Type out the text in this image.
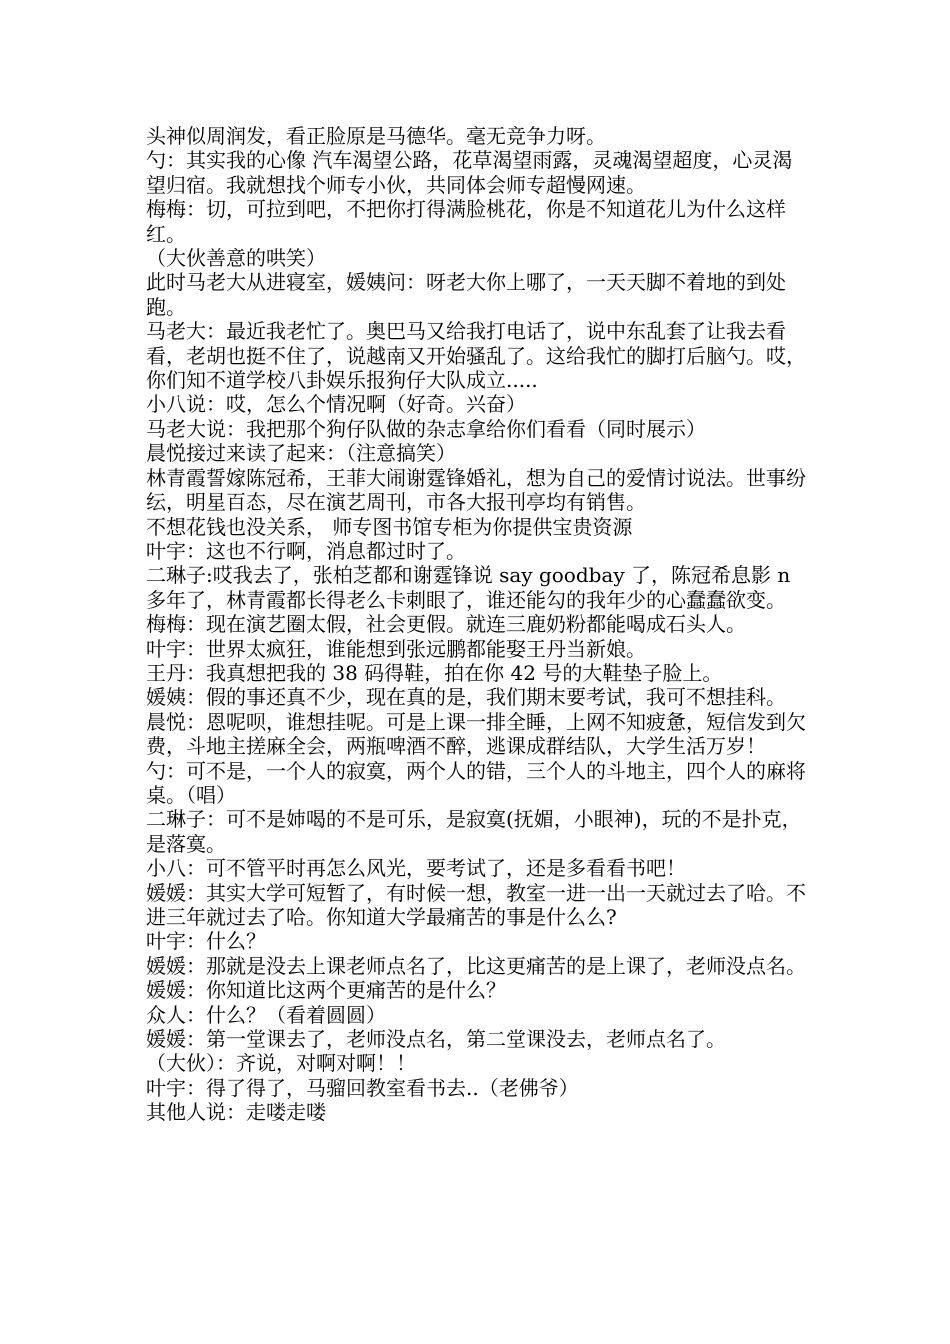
头神似周润发，看正脸原是马德华。毫无竞争力呀。

勺：其实我的心像 汽车渴望公路，花草渴望雨露，灵魂渴望超度，心灵渴望归宿。我就想找个师专小伙，共同体会师专超慢网速。

梅梅：切，可拉到吧，不把你打得满脸桃花，你是不知道花儿为什么这样红。

（大伙善意的哄笑）

此时马老大从进寝室，媛姨问：呀老大你上哪了，一天天脚不着地的到处跑。

马老大：最近我老忙了。奥巴马又给我打电话了，说中东乱套了让我去看看，老胡也挺不住了，说越南又开始骚乱了。这给我忙的脚打后脑勺。哎，你们知不道学校八卦娱乐报狗仔大队成立.....

小八说：哎，怎么个情况啊（好奇。兴奋）

马老大说：我把那个狗仔队做的杂志拿给你们看看（同时展示）

晨悦接过来读了起来：（注意搞笑）

林青霞誓嫁陈冠希，王菲大闹谢霆锋婚礼，想为自己的爱情讨说法。世事纷纭，明星百态，尽在演艺周刊，市各大报刊亭均有销售。

不想花钱也没关系， 师专图书馆专柜为你提供宝贵资源

叶宇：这也不行啊，消息都过时了。

二琳子:哎我去了，张柏芝都和谢霆锋说 say goodbay 了，陈冠希息影 n 多年了，林青霞都长得老么卡刺眼了，谁还能勾的我年少的心蠢蠢欲变。

梅梅：现在演艺圈太假，社会更假。就连三鹿奶粉都能喝成石头人。

叶宇：世界太疯狂，谁能想到张远鹏都能娶王丹当新娘。

王丹：我真想把我的 38 码得鞋，拍在你 42 号的大鞋垫子脸上。

媛姨：假的事还真不少，现在真的是，我们期末要考试，我可不想挂科。

晨悦：恩呢呗，谁想挂呢。可是上课一排全睡，上网不知疲惫，短信发到欠费，斗地主搓麻全会，两瓶啤酒不醉，逃课成群结队，大学生活万岁！

勺：可不是，一个人的寂寞，两个人的错，三个人的斗地主，四个人的麻将桌。（唱）

二琳子：可不是姉喝的不是可乐，是寂寞(抚媚，小眼神)，玩的不是扑克，是落寞。

小八：可不管平时再怎么风光，要考试了，还是多看看书吧！

媛媛：其实大学可短暂了，有时候一想，教室一进一出一天就过去了哈。不进三年就过去了哈。你知道大学最痛苦的事是什么么?

叶宇：什么？

媛媛：那就是没去上课老师点名了，比这更痛苦的是上课了，老师没点名。

媛媛：你知道比这两个更痛苦的是什么？

众人：什么？（看着圆圆）

媛媛：第一堂课去了，老师没点名，第二堂课没去，老师点名了。

（大伙）：齐说，对啊对啊！！

叶宇：得了得了，马骝回教室看书去..（老佛爷）

其他人说：走喽走喽
